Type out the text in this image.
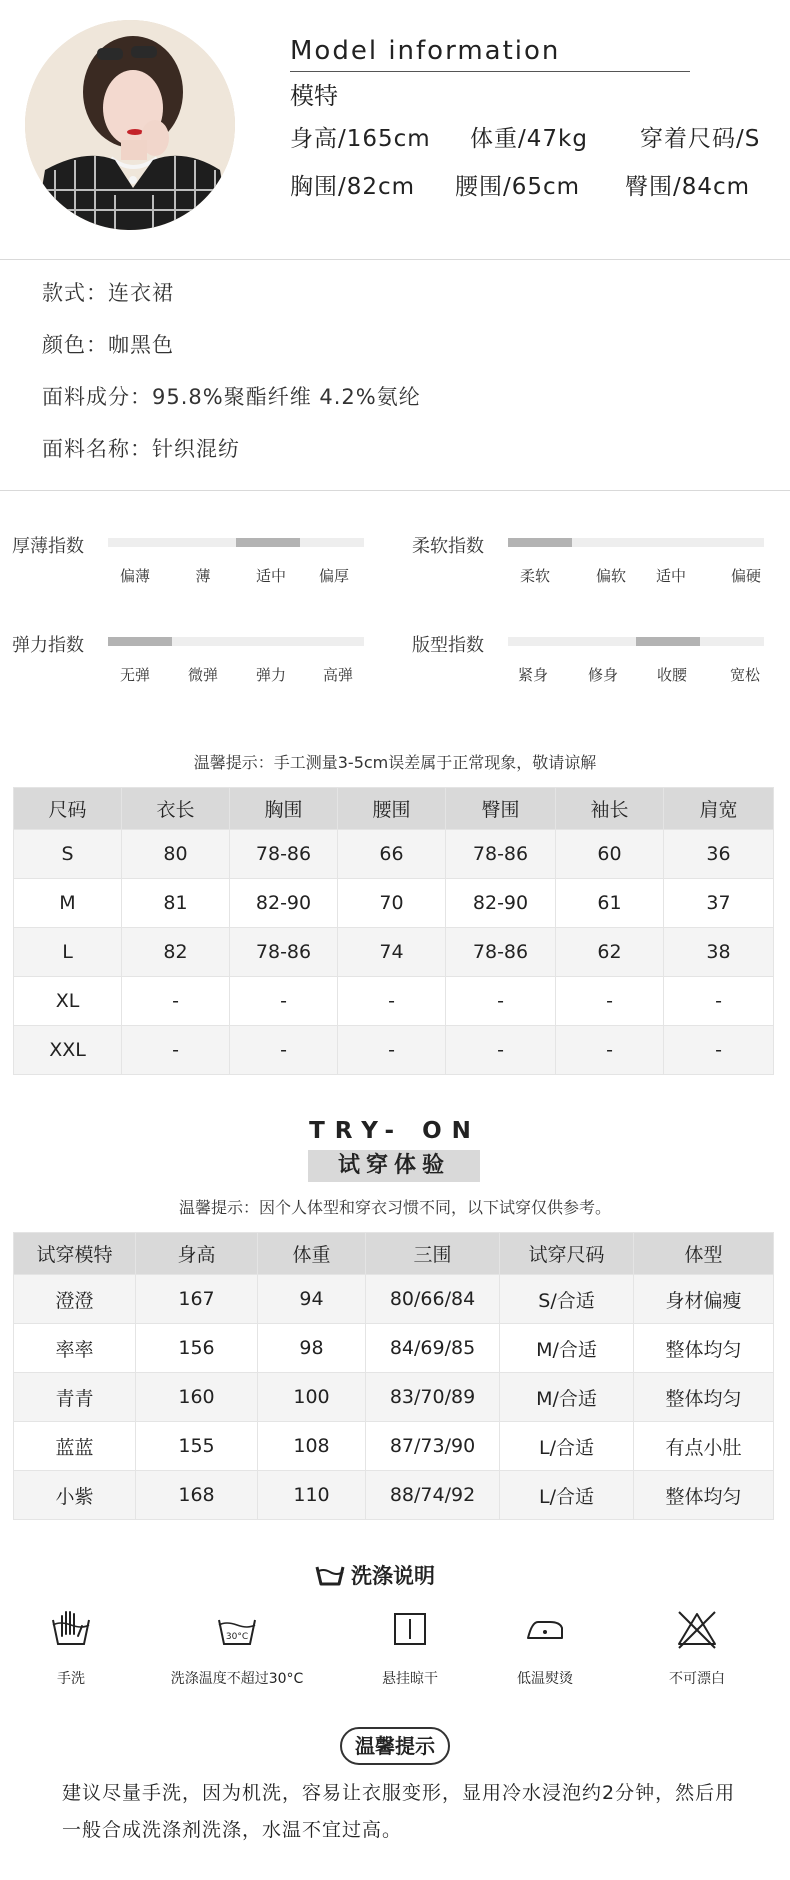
Model information
模特
身高/165cm 体重/47kg 穿着尺码/S
胸围/82cm 腰围/65cm 臀围/84cm
款式：连衣裙
颜色：咖黑色
面料成分：95.8%聚酯纤维 4.2%氨纶
面料名称：针织混纺
厚薄指数
偏薄	薄	适中 偏厚
柔软指数
柔软	偏软 适中	偏硬
弹力指数
无弹	微弹	弹力 高弹
版型指数
紧身	修身	收腰	宽松
温馨提示：手工测量3-5cm误差属于正常现象，敬请谅解
尺码	衣长	胸围	腰围	臀围	袖长	肩宽
S	80	78-86	66	78-86	60	36
M	81	82-90	70	82-90	61	37
L	82	78-86	74	78-86	62	38
XL	-	-	-	-	-	-
XXL	-	-	-	-	-	-
TRY- ON
试穿体验
温馨提示：因个人体型和穿衣习惯不同，以下试穿仅供参考。
试穿模特	身高	体重	三围	试穿尺码	体型
澄澄	167	94	80/66/84	S/合适	身材偏瘦
率率	156	98	84/69/85	M/合适	整体均匀
青青	160	100	83/70/89	M/合适	整体均匀
蓝蓝	155	108	87/73/90	L/合适	有点小肚
小紫	168	110	88/74/92	L/合适	整体均匀
洗涤说明
手洗
30°C
洗涤温度不超过30°C	悬挂晾干	低温熨烫	不可漂白
温馨提示
建议尽量手洗，因为机洗，容易让衣服变形，显用冷水浸泡约2分钟，然后用一般合成洗涤剂洗涤，水温不宜过高。
